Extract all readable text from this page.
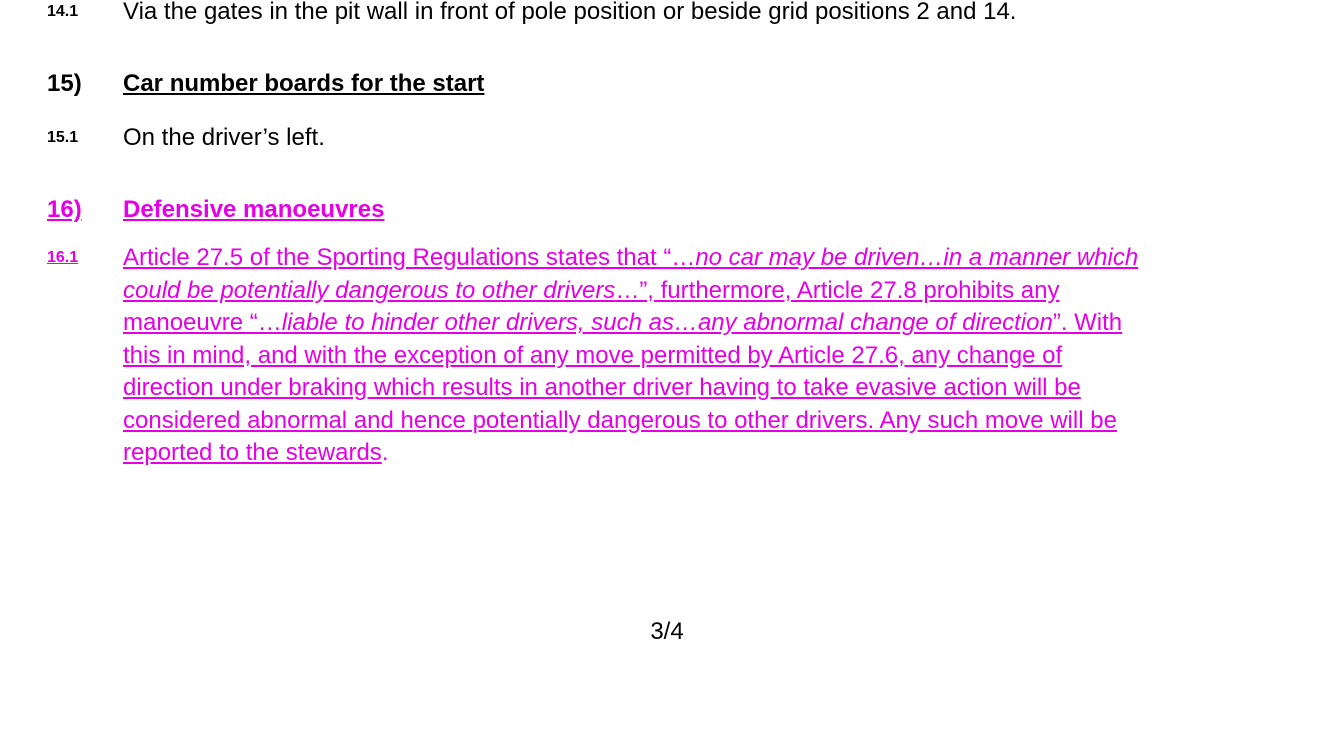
14.1 Via the gates in the pit wall in front of pole position or beside grid positions 2 and 14.
15) Car number boards for the start
15.1 On the driver’s left.
16) Defensive manoeuvres
16.1 Article 27.5 of the Sporting Regulations states that “…no car may be driven…in a manner which
could be potentially dangerous to other drivers…”, furthermore, Article 27.8 prohibits any
manoeuvre “…liable to hinder other drivers, such as…any abnormal change of direction”. With
this in mind, and with the exception of any move permitted by Article 27.6, any change of
direction under braking which results in another driver having to take evasive action will be
considered abnormal and hence potentially dangerous to other drivers. Any such move will be
reported to the stewards.
3/4
